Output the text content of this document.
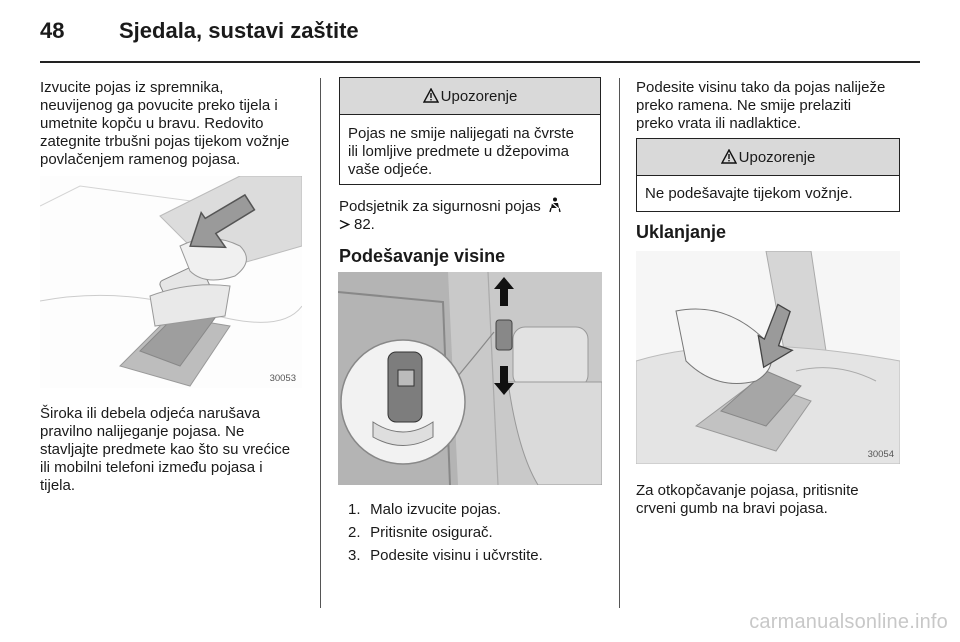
48 Sjedala, sustavi zaštite
Izvucite pojas iz spremnika,
neuvijenog ga povucite preko tijela i
umetnite kopču u bravu. Redovito
zategnite trbušni pojas tijekom vožnje
povlačenjem ramenog pojasa.
30053
Široka ili debela odjeća narušava
pravilno nalijeganje pojasa. Ne
stavljajte predmete kao što su vrećice
ili mobilni telefoni između pojasa i
tijela.
Upozorenje
Pojas ne smije nalijegati na čvrste
ili lomljive predmete u džepovima
vaše odjeće.
Podsjetnik za sigurnosni pojas
82.
Podešavanje visine
1. Malo izvucite pojas.
2. Pritisnite osigurač.
3. Podesite visinu i učvrstite.
Podesite visinu tako da pojas naliježe
preko ramena. Ne smije prelaziti
preko vrata ili nadlaktice.
Upozorenje
Ne podešavajte tijekom vožnje.
Uklanjanje
30054
Za otkopčavanje pojasa, pritisnite
crveni gumb na bravi pojasa.
carmanualsonline.info
